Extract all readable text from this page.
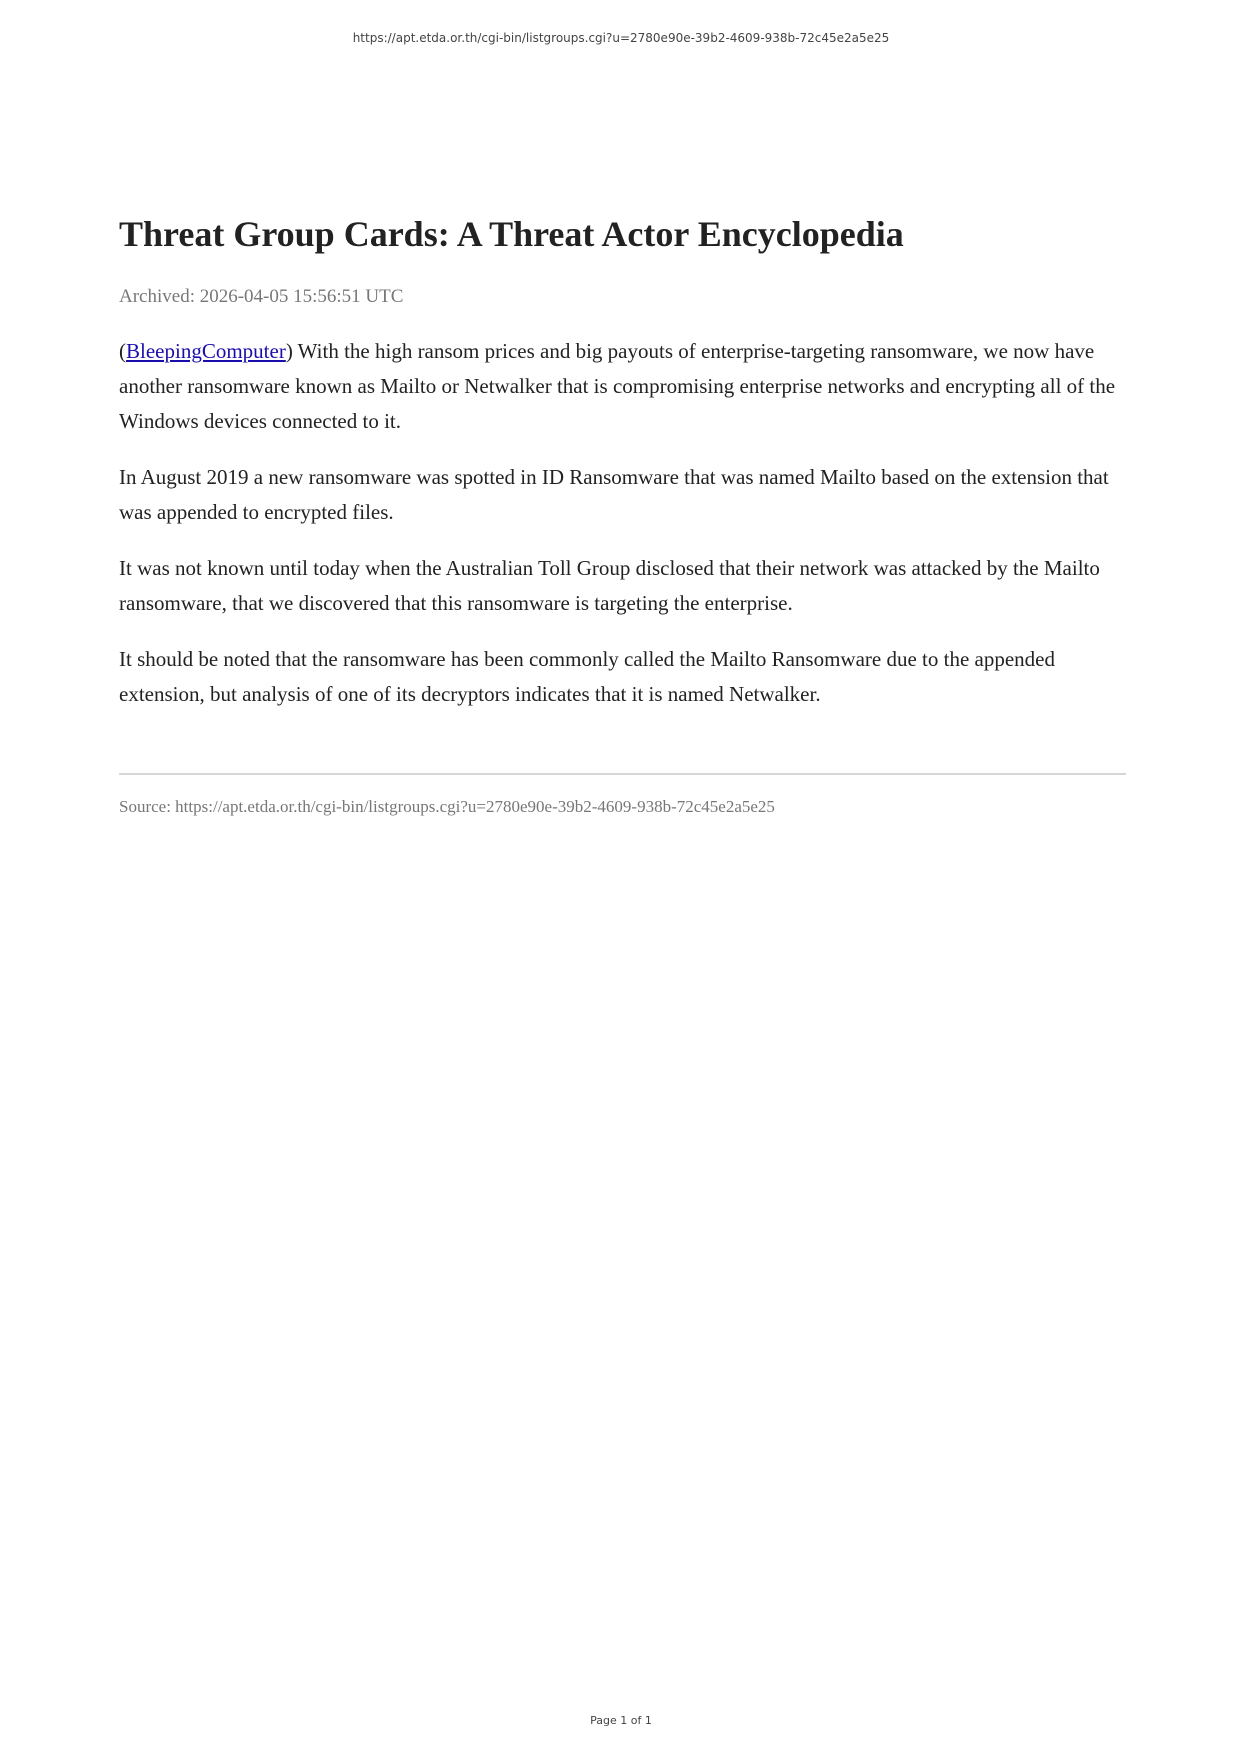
https://apt.etda.or.th/cgi-bin/listgroups.cgi?u=2780e90e-39b2-4609-938b-72c45e2a5e25
Threat Group Cards: A Threat Actor Encyclopedia
Archived: 2026-04-05 15:56:51 UTC

(BleepingComputer) With the high ransom prices and big payouts of enterprise-targeting ransomware, we now have another ransomware known as Mailto or Netwalker that is compromising enterprise networks and encrypting all of the Windows devices connected to it.

In August 2019 a new ransomware was spotted in ID Ransomware that was named Mailto based on the extension that was appended to encrypted files.

It was not known until today when the Australian Toll Group disclosed that their network was attacked by the Mailto ransomware, that we discovered that this ransomware is targeting the enterprise.

It should be noted that the ransomware has been commonly called the Mailto Ransomware due to the appended extension, but analysis of one of its decryptors indicates that it is named Netwalker.

Source: https://apt.etda.or.th/cgi-bin/listgroups.cgi?u=2780e90e-39b2-4609-938b-72c45e2a5e25
Page 1 of 1
